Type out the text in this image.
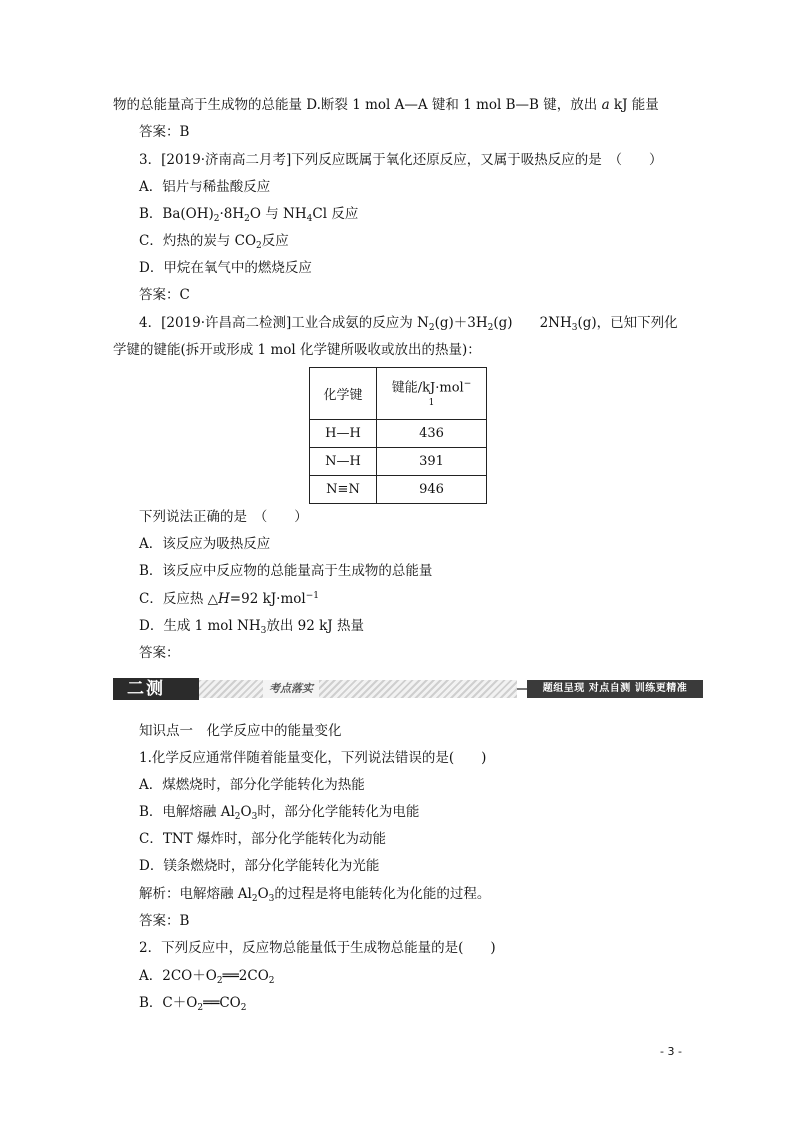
物的总能量高于生成物的总能量 D.断裂 1 mol A—A 键和 1 mol B—B 键，放出 a kJ 能量
答案：B
3．[2019·济南高二月考]下列反应既属于氧化还原反应，又属于吸热反应的是　（　　）
A．铝片与稀盐酸反应
B．$Ba(OH)_2\cdot 8H_2O$ 与 $NH_4Cl$ 反应
C．灼热的炭与 $CO_2$反应
D．甲烷在氧气中的燃烧反应
答案：C
4．[2019·许昌高二检测]工业合成氨的反应为 $N_2(g)+3H_2(g)$　　$2NH_3(g)$，已知下列化
学键的键能(拆开或形成 1 mol 化学键所吸收或放出的热量)：
化学键	键能/kJ·mol−
1

H—H	436
N—H	391
N≡N	946
下列说法正确的是　（　　）
A．该反应为吸热反应
B．该反应中反应物的总能量高于生成物的总能量
C．反应热 △H=92 kJ·mol$^{-1}$
D．生成 1 mol $NH_3$放出 92 kJ 热量
答案：
二测	考点落实	题组呈现 对点自测 训练更精准
知识点一　化学反应中的能量变化
1.化学反应通常伴随着能量变化，下列说法错误的是(　　)
A．煤燃烧时，部分化学能转化为热能
B．电解熔融 $Al_2O_3$时，部分化学能转化为电能
C．TNT 爆炸时，部分化学能转化为动能
D．镁条燃烧时，部分化学能转化为光能
解析：电解熔融 $Al_2O_3$的过程是将电能转化为化能的过程。
答案：B
2．下列反应中，反应物总能量低于生成物总能量的是(　　)
A．$2CO+O_2══2CO_2$
B．$C+O_2══CO_2$
- 3 -
